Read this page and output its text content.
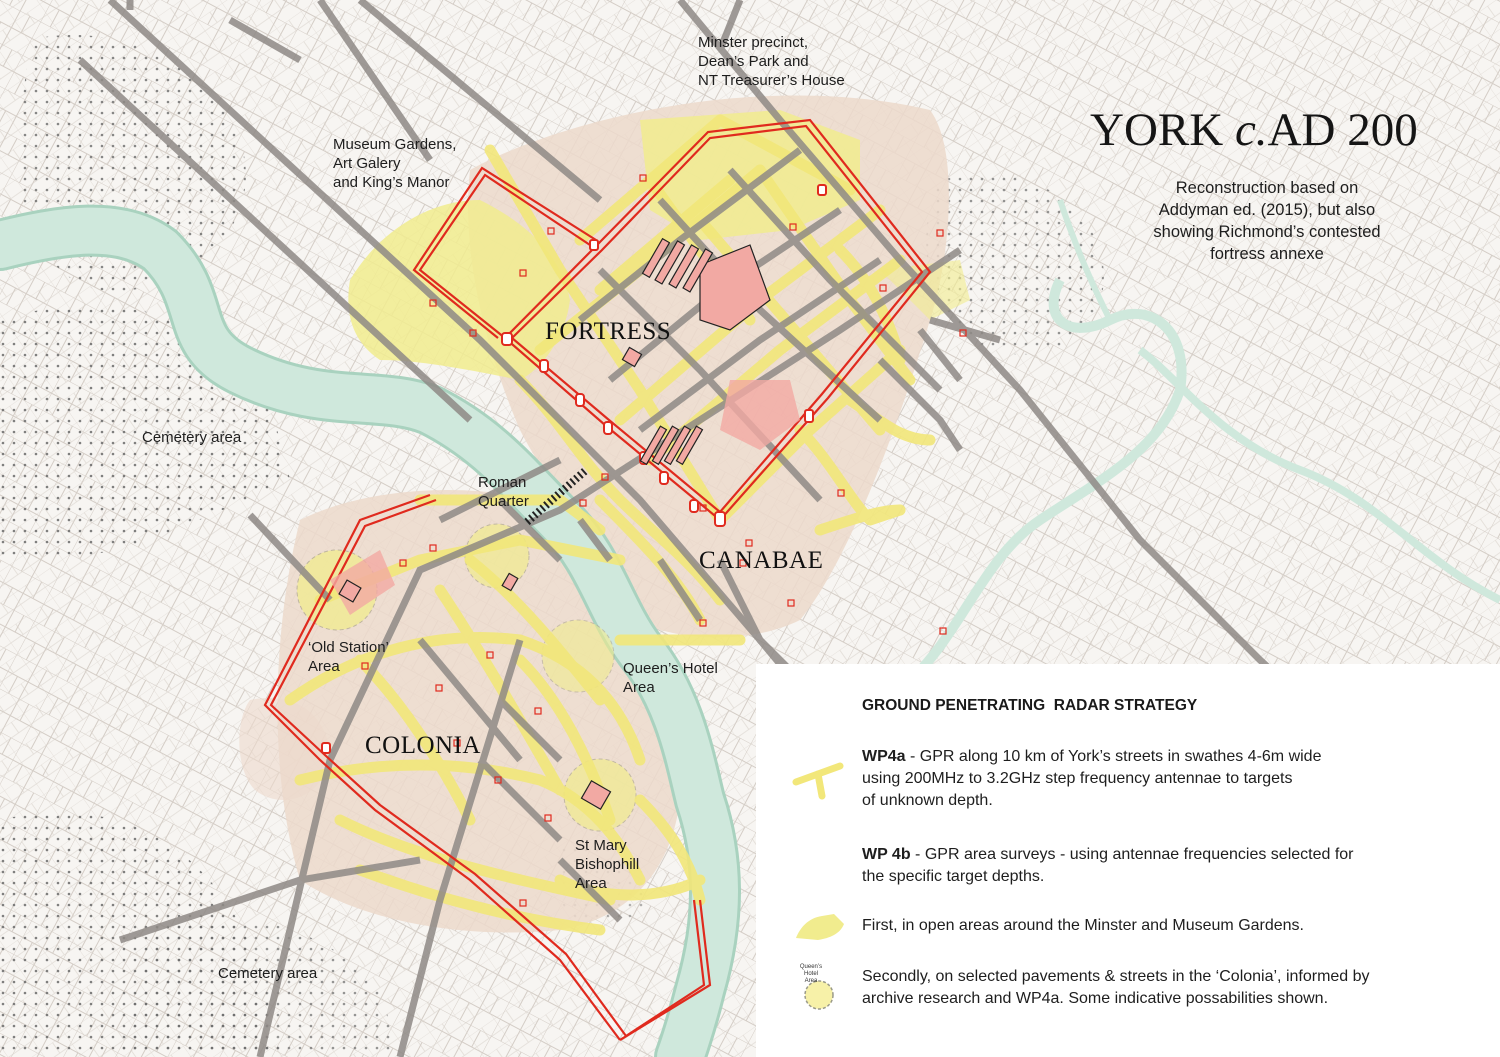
YORK c.AD 200
Reconstruction based on
Addyman ed. (2015), but also
showing Richmond’s contested
fortress annexe
FORTRESS
CANABAE
COLONIA
Minster precinct,
Dean’s Park and
NT Treasurer’s House
Museum Gardens,
Art Galery
and King’s Manor
Cemetery area
Cemetery area
Roman
Quarter
‘Old Station’
Area	Queen’s Hotel
Area
St Mary
Bishophill
Area
GROUND PENETRATING  RADAR STRATEGY
WP4a - GPR along 10 km of York’s streets in swathes 4-6m wide
using 200MHz to 3.2GHz step frequency antennae to targets
of unknown depth.
WP 4b - GPR area surveys - using antennae frequencies selected for
the specific target depths.
First, in open areas around the Minster and Museum Gardens.
Queen’s
Hotel
Area	Secondly, on selected pavements & streets in the ‘Colonia’, informed by
archive research and WP4a. Some indicative possabilities shown.
